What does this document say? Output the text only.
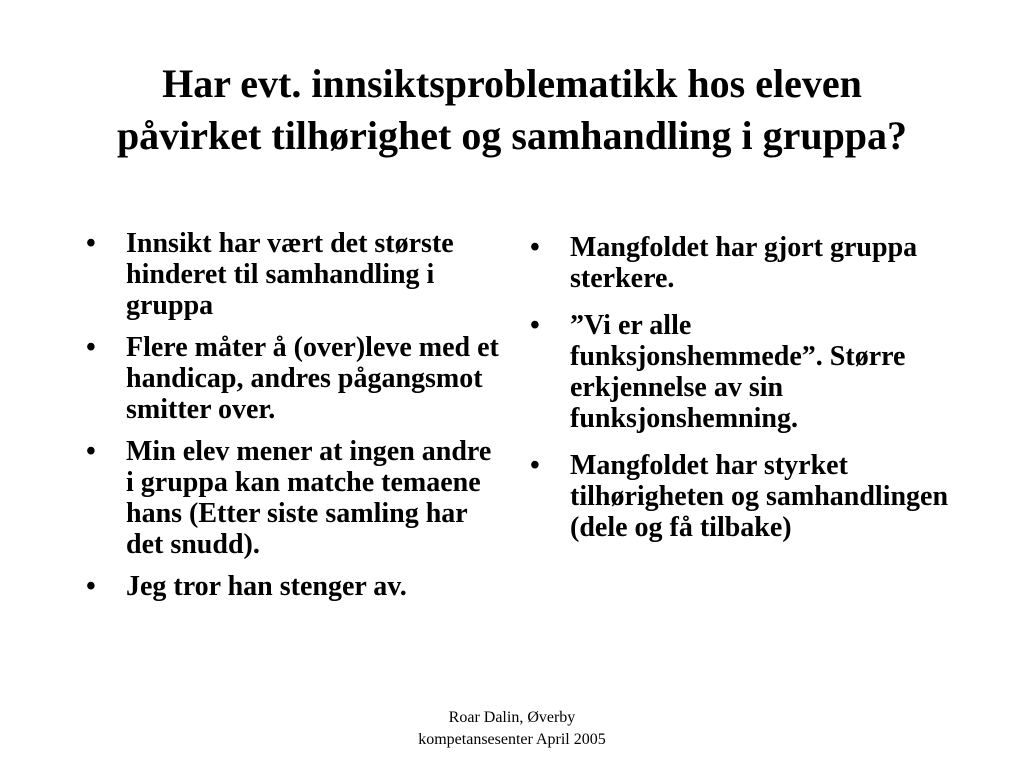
Har evt. innsiktsproblematikk hos eleven påvirket tilhørighet og samhandling i gruppa?
• Innsikt har vært det største hinderet til samhandling i gruppa
• Flere måter å (over)leve med et handicap, andres pågangsmot smitter over.
• Min elev mener at ingen andre i gruppa kan matche temaene hans (Etter siste samling har det snudd).
• Jeg tror han stenger av.
• Mangfoldet har gjort gruppa sterkere.
• ”Vi er alle funksjonshemmede”. Større erkjennelse av sin funksjonshemning.
• Mangfoldet har styrket tilhørigheten og samhandlingen (dele og få tilbake)
Roar Dalin, Øverby
kompetansesenter April 2005
